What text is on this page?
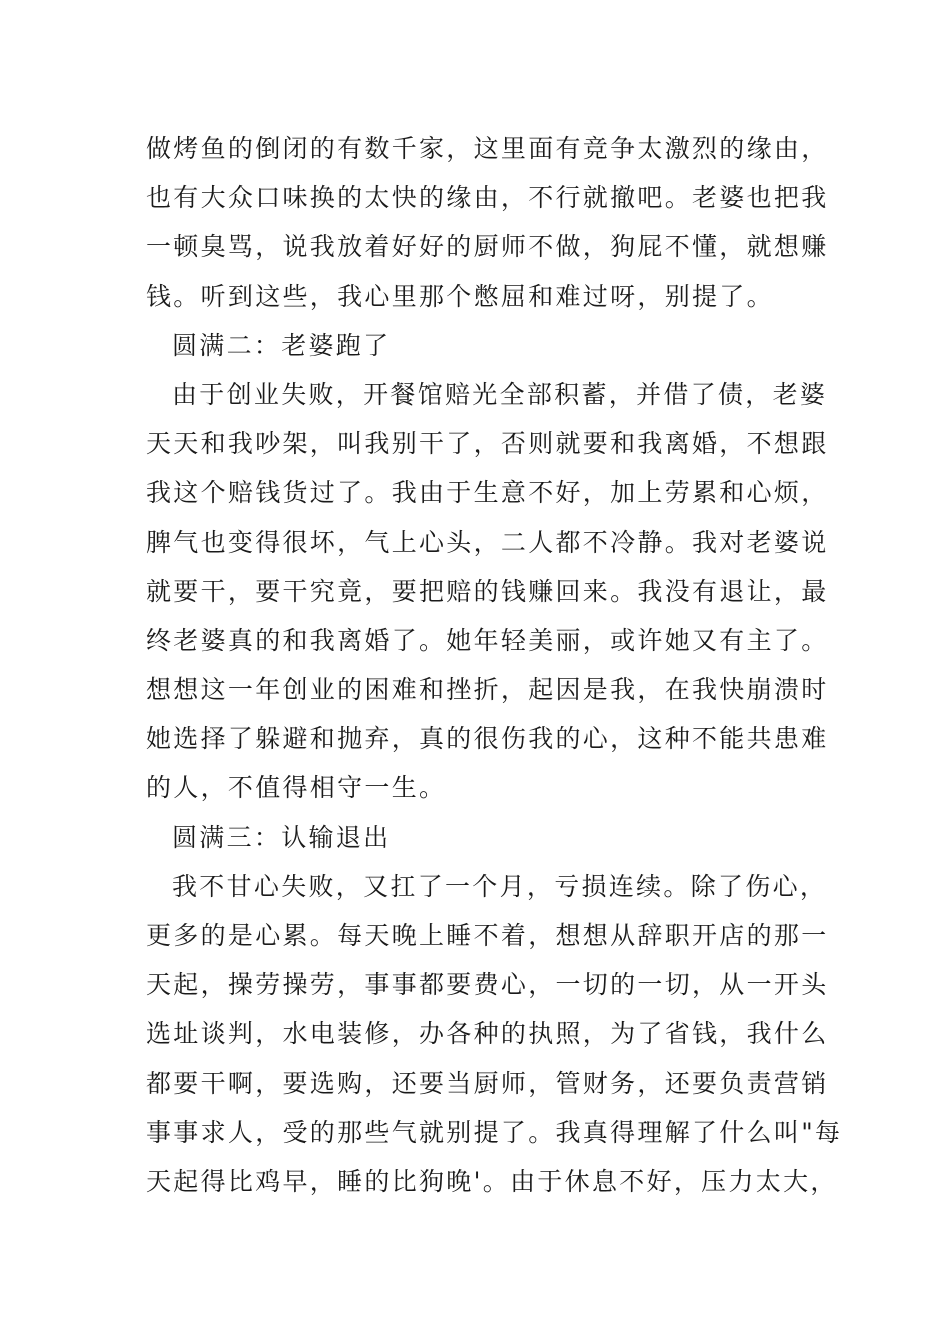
做烤鱼的倒闭的有数千家，这里面有竞争太激烈的缘由，
也有大众口味换的太快的缘由，不行就撤吧。老婆也把我
一顿臭骂，说我放着好好的厨师不做，狗屁不懂，就想赚
钱。听到这些，我心里那个憋屈和难过呀，别提了。
圆满二：老婆跑了
由于创业失败，开餐馆赔光全部积蓄，并借了债，老婆
天天和我吵架，叫我别干了，否则就要和我离婚，不想跟
我这个赔钱货过了。我由于生意不好，加上劳累和心烦，
脾气也变得很坏，气上心头，二人都不冷静。我对老婆说
就要干，要干究竟，要把赔的钱赚回来。我没有退让，最
终老婆真的和我离婚了。她年轻美丽，或许她又有主了。
想想这一年创业的困难和挫折，起因是我，在我快崩溃时
她选择了躲避和抛弃，真的很伤我的心，这种不能共患难
的人，不值得相守一生。
圆满三：认输退出
我不甘心失败，又扛了一个月，亏损连续。除了伤心，
更多的是心累。每天晚上睡不着，想想从辞职开店的那一
天起，操劳操劳，事事都要费心，一切的一切，从一开头
选址谈判，水电装修，办各种的执照，为了省钱，我什么
都要干啊，要选购，还要当厨师，管财务，还要负责营销
事事求人，受的那些气就别提了。我真得理解了什么叫"每
天起得比鸡早，睡的比狗晚'。由于休息不好，压力太大，
